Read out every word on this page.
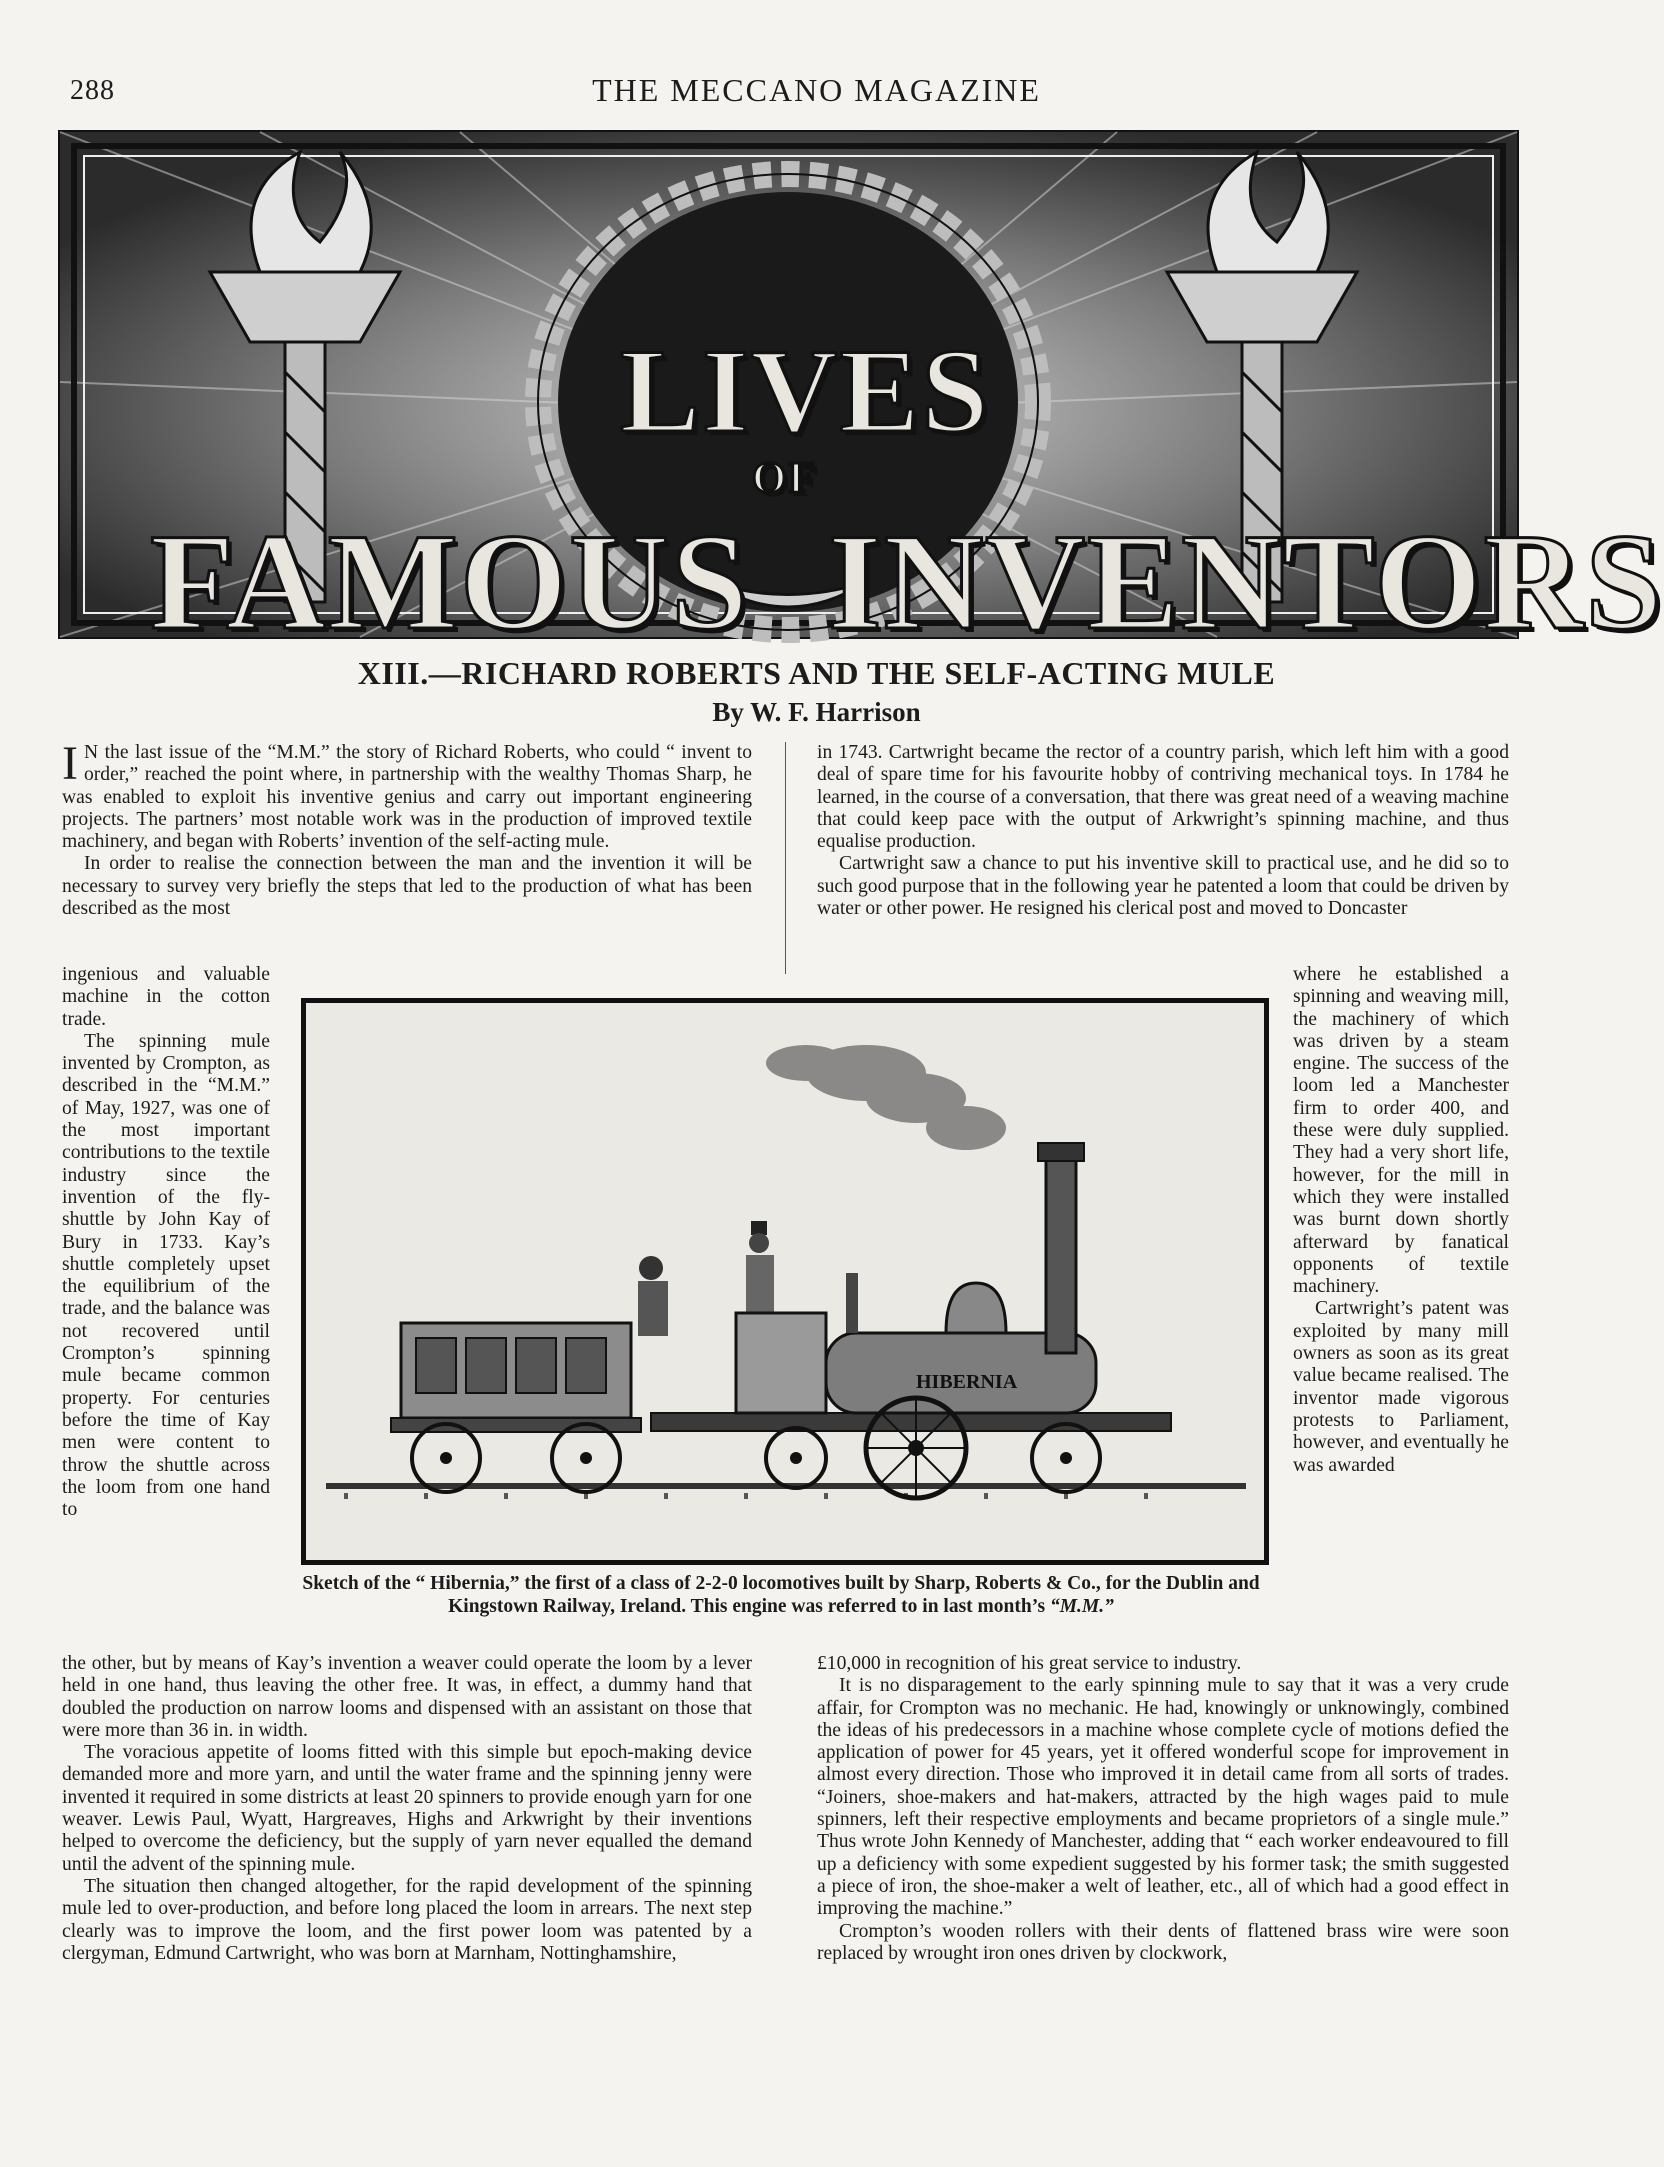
288	THE MECCANO MAGAZINE
LIVES
OF
FAMOUS INVENTORS
XIII.—RICHARD ROBERTS AND THE SELF-ACTING MULE
By W. F. Harrison

I N the last issue of the “M.M.” the story of Richard Roberts, who could “ invent to order,” reached the point where, in partnership with the wealthy Thomas Sharp, he was enabled to exploit his inventive genius and carry out important engineering projects. The partners’ most notable work was in the production of improved textile machinery, and began with Roberts’ invention of the self-acting mule.

In order to realise the connection between the man and the invention it will be necessary to survey very briefly the steps that led to the production of what has been described as the most

ingenious and valuable machine in the cotton trade.

The spinning mule invented by Crompton, as described in the “M.M.” of May, 1927, was one of the most important contributions to the textile industry since the invention of the fly-shuttle by John Kay of Bury in 1733. Kay’s shuttle completely upset the equilibrium of the trade, and the balance was not recovered until Crompton’s spinning mule became common property. For centuries before the time of Kay men were content to throw the shuttle across the loom from one hand to

the other, but by means of Kay’s invention a weaver could operate the loom by a lever held in one hand, thus leaving the other free. It was, in effect, a dummy hand that doubled the production on narrow looms and dispensed with an assistant on those that were more than 36 in. in width.

The voracious appetite of looms fitted with this simple but epoch-making device demanded more and more yarn, and until the water frame and the spinning jenny were invented it required in some districts at least 20 spinners to provide enough yarn for one weaver. Lewis Paul, Wyatt, Hargreaves, Highs and Arkwright by their inventions helped to overcome the deficiency, but the supply of yarn never equalled the demand until the advent of the spinning mule.

The situation then changed altogether, for the rapid development of the spinning mule led to over-production, and before long placed the loom in arrears. The next step clearly was to improve the loom, and the first power loom was patented by a clergyman, Edmund Cartwright, who was born at Marnham, Nottinghamshire,

in 1743. Cartwright became the rector of a country parish, which left him with a good deal of spare time for his favourite hobby of contriving mechanical toys. In 1784 he learned, in the course of a conversation, that there was great need of a weaving machine that could keep pace with the output of Arkwright’s spinning machine, and thus equalise production.

Cartwright saw a chance to put his inventive skill to practical use, and he did so to such good purpose that in the following year he patented a loom that could be driven by water or other power. He resigned his clerical post and moved to Doncaster

where he established a spinning and weaving mill, the machinery of which was driven by a steam engine. The success of the loom led a Manchester firm to order 400, and these were duly supplied. They had a very short life, however, for the mill in which they were installed was burnt down shortly afterward by fanatical opponents of textile machinery.

Cartwright’s patent was exploited by many mill owners as soon as its great value became realised. The inventor made vigorous protests to Parliament, however, and eventually he was awarded

£10,000 in recognition of his great service to industry.

It is no disparagement to the early spinning mule to say that it was a very crude affair, for Crompton was no mechanic. He had, knowingly or unknowingly, combined the ideas of his predecessors in a machine whose complete cycle of motions defied the application of power for 45 years, yet it offered wonderful scope for improvement in almost every direction. Those who improved it in detail came from all sorts of trades. “Joiners, shoe-makers and hat-makers, attracted by the high wages paid to mule spinners, left their respective employments and became proprietors of a single mule.” Thus wrote John Kennedy of Manchester, adding that “ each worker endeavoured to fill up a deficiency with some expedient suggested by his former task; the smith suggested a piece of iron, the shoe-maker a welt of leather, etc., all of which had a good effect in improving the machine.”

Crompton’s wooden rollers with their dents of flattened brass wire were soon replaced by wrought iron ones driven by clockwork,

HIBERNIA
Sketch of the “ Hibernia,” the first of a class of 2-2-0 locomotives built by Sharp, Roberts & Co., for the Dublin and Kingstown Railway, Ireland. This engine was referred to in last month’s “M.M.”
